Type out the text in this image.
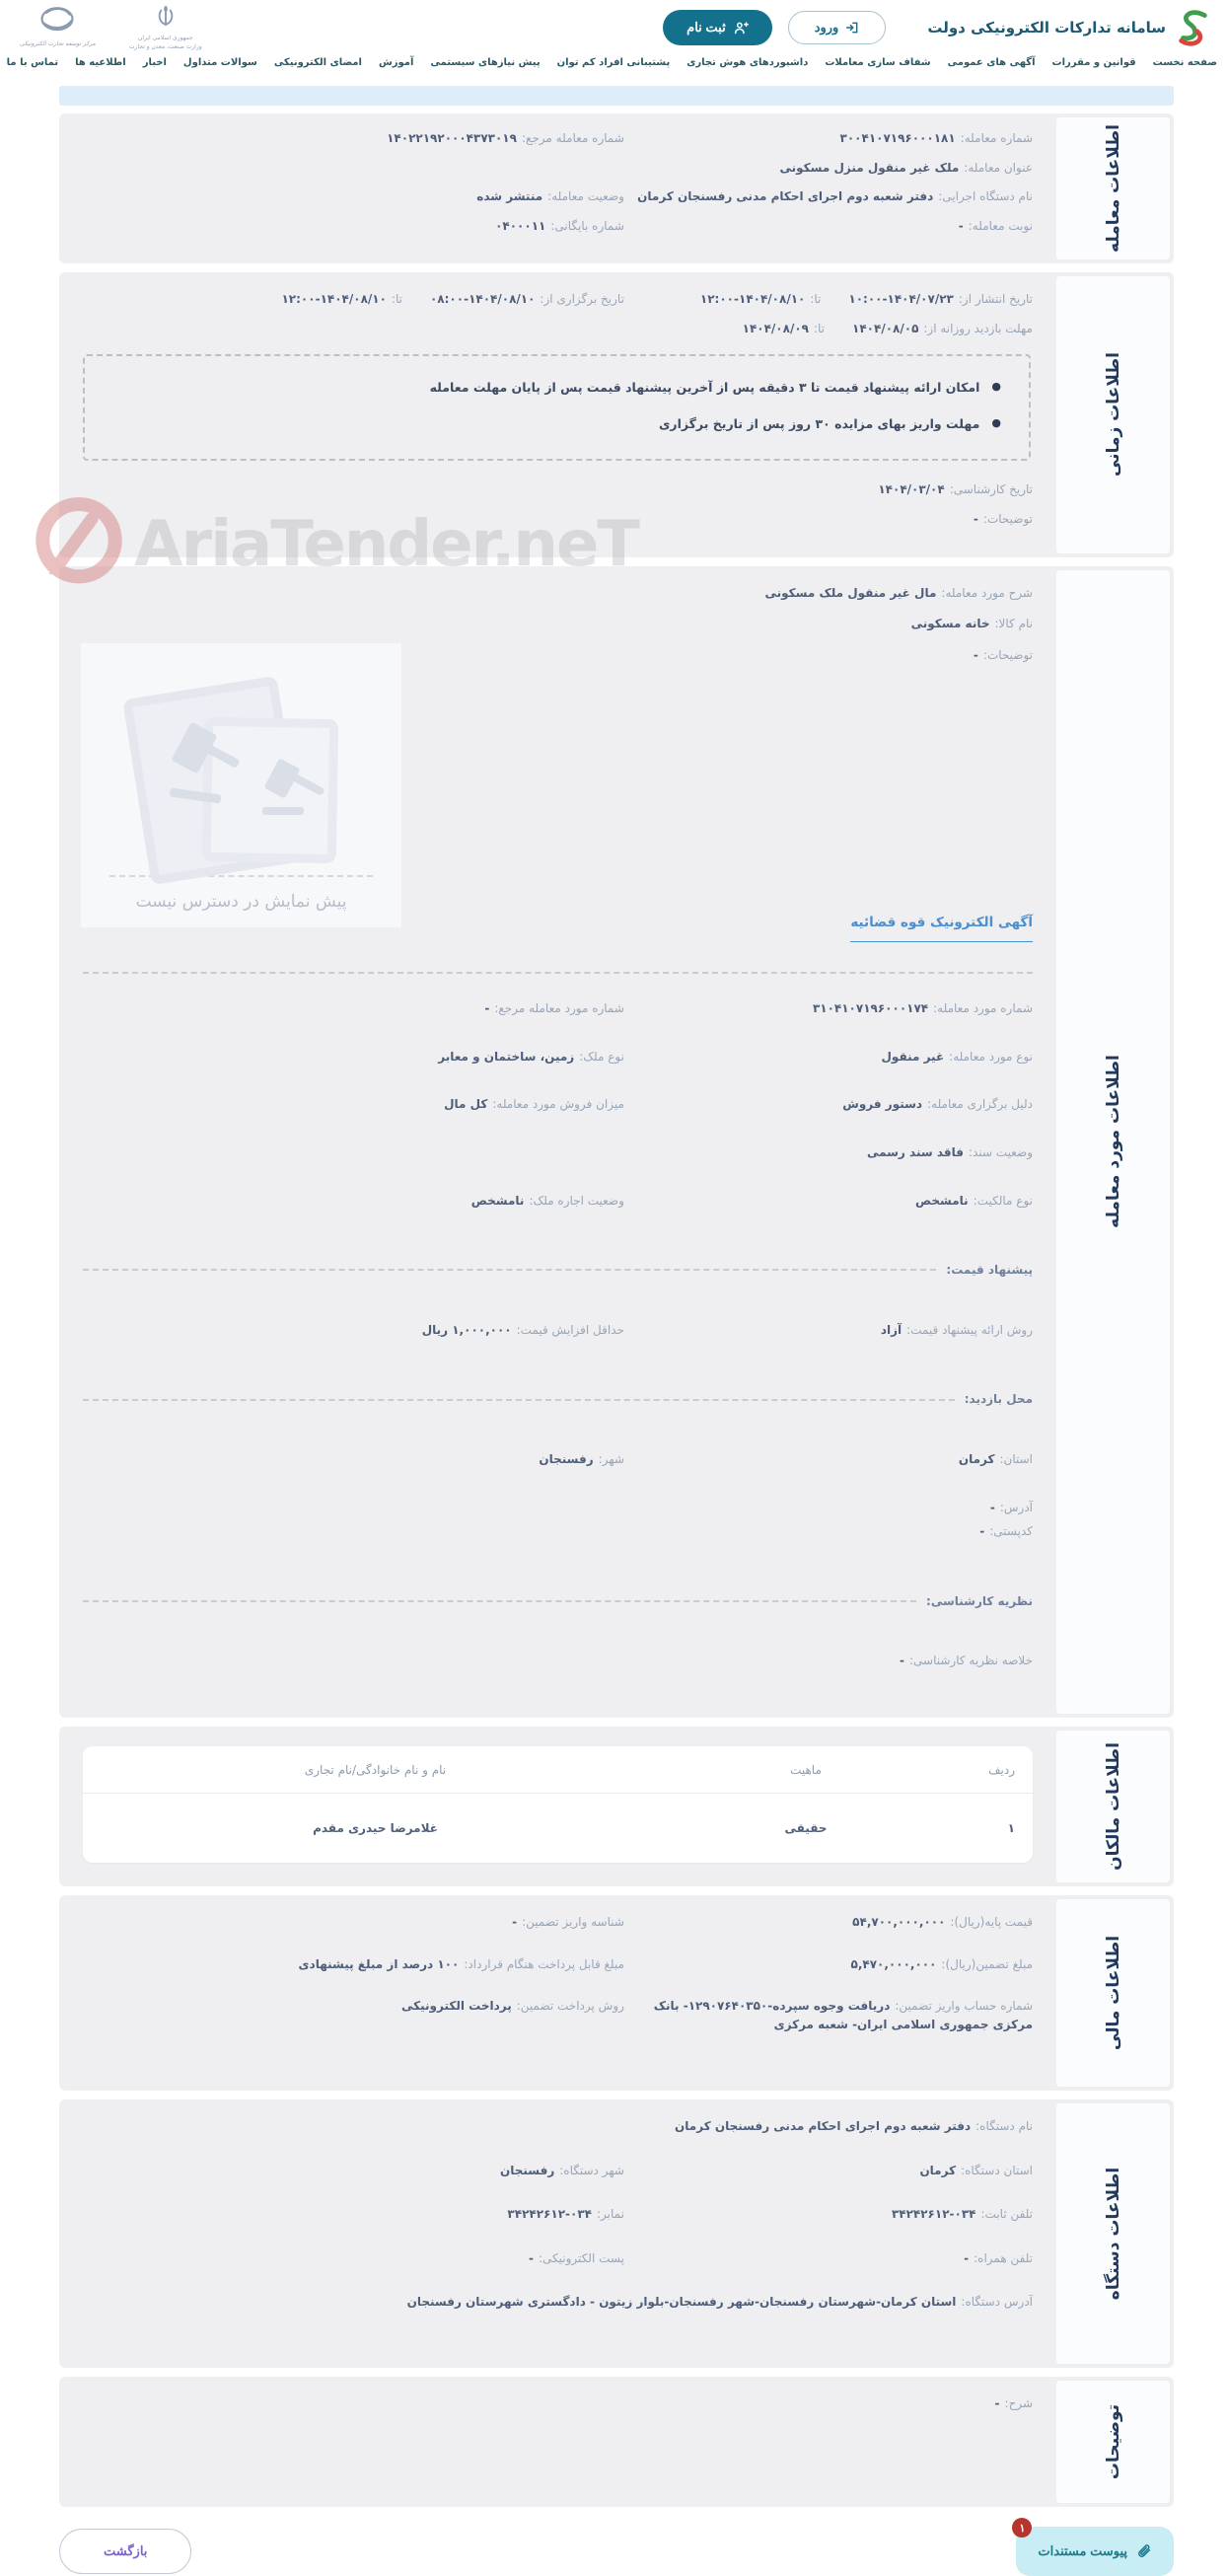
سامانه تدارکات الکترونیکی دولت
ورود
ثبت نام
جمهوری اسلامی ایران
وزارت صنعت، معدن و تجارت
مرکز توسعه تجارت الکترونیکی
صفحه نخست
قوانین و مقررات
آگهی های عمومی
شفاف سازی معاملات
داشبوردهای هوش تجاری
پشتیبانی افراد کم توان
پیش نیازهای سیستمی
آموزش
امضای الکترونیکی
سوالات متداول
اخبار
اطلاعیه ها
تماس با ما
AriaTender.neT
اطلاعات معامله
شماره معامله:۳۰۰۴۱۰۷۱۹۶۰۰۰۱۸۱
شماره معامله مرجع:۱۴۰۲۲۱۹۲۰۰۰۴۳۷۳۰۱۹
عنوان معامله:ملک غیر منقول منزل مسکونی
نام دستگاه اجرایی:دفتر شعبه دوم اجرای احکام مدنی رفسنجان کرمان
وضعیت معامله:منتشر شده
نوبت معامله:-
شماره بایگانی:۰۴۰۰۰۱۱
اطلاعات زمانی
تاریخ انتشار از:۱۴۰۴/۰۷/۲۳-۱۰:۰۰تا:۱۴۰۴/۰۸/۱۰-۱۲:۰۰
تاریخ برگزاری از:۱۴۰۴/۰۸/۱۰-۰۸:۰۰تا:۱۴۰۴/۰۸/۱۰-۱۲:۰۰
مهلت بازدید روزانه از:۱۴۰۴/۰۸/۰۵تا:۱۴۰۴/۰۸/۰۹
●
امکان ارائه پیشنهاد قیمت تا ۳ دقیقه پس از آخرین پیشنهاد قیمت پس از پایان مهلت معامله
●
مهلت واریز بهای مزایده ۳۰ روز پس از تاریخ برگزاری
تاریخ کارشناسی:۱۴۰۴/۰۳/۰۴
توضیحات:-
اطلاعات مورد معامله
شرح مورد معامله:مال غیر منقول ملک مسکونی
نام کالا:خانه مسکونی
توضیحات:-
پیش نمایش در دسترس نیست
آگهی الکترونیک قوه قضائیه
شماره مورد معامله:۳۱۰۴۱۰۷۱۹۶۰۰۰۱۷۴
شماره مورد معامله مرجع:-
نوع مورد معامله:غیر منقول
نوع ملک:زمین، ساختمان و معابر
دلیل برگزاری معامله:دستور فروش
میزان فروش مورد معامله:کل مال
وضعیت سند:فاقد سند رسمی
نوع مالکیت:نامشخص
وضعیت اجاره ملک:نامشخص
پیشنهاد قیمت:
روش ارائه پیشنهاد قیمت:آزاد
حداقل افزایش قیمت:۱,۰۰۰,۰۰۰ ریال
محل بازدید:
استان:کرمان
شهر:رفسنجان
آدرس:-
کدپستی:-
نظریه کارشناسی:
خلاصه نظریه کارشناسی:-
اطلاعات مالکان
ردیف
ماهیت
نام و نام خانوادگی/نام تجاری
۱
حقیقی
غلامرضا حیدری مقدم
اطلاعات مالی
قیمت پایه(ریال):۵۴,۷۰۰,۰۰۰,۰۰۰
شناسه واریز تضمین:-
مبلغ تضمین(ریال):۵,۴۷۰,۰۰۰,۰۰۰
مبلغ قابل پرداخت هنگام قرارداد:۱۰۰ درصد از مبلغ پیشنهادی
شماره حساب واریز تضمین:دریافت وجوه سپرده-۱۲۹۰۷۶۴۰۳۵۰- بانک مرکزی جمهوری اسلامی ایران- شعبه مرکزی
روش پرداخت تضمین:پرداخت الکترونیکی
اطلاعات دستگاه
نام دستگاه:دفتر شعبه دوم اجرای احکام مدنی رفسنجان کرمان
استان دستگاه:کرمان
شهر دستگاه:رفسنجان
تلفن ثابت:۰۳۴-۳۴۲۴۲۶۱۲
نمابر:۰۳۴-۳۴۲۴۲۶۱۲
تلفن همراه:-
پست الکترونیکی:-
آدرس دستگاه:استان کرمان-شهرستان رفسنجان-شهر رفسنجان-بلوار زیتون - دادگستری شهرستان رفسنجان
توضیحات
شرح:-
۱
پیوست مستندات
بازگشت
